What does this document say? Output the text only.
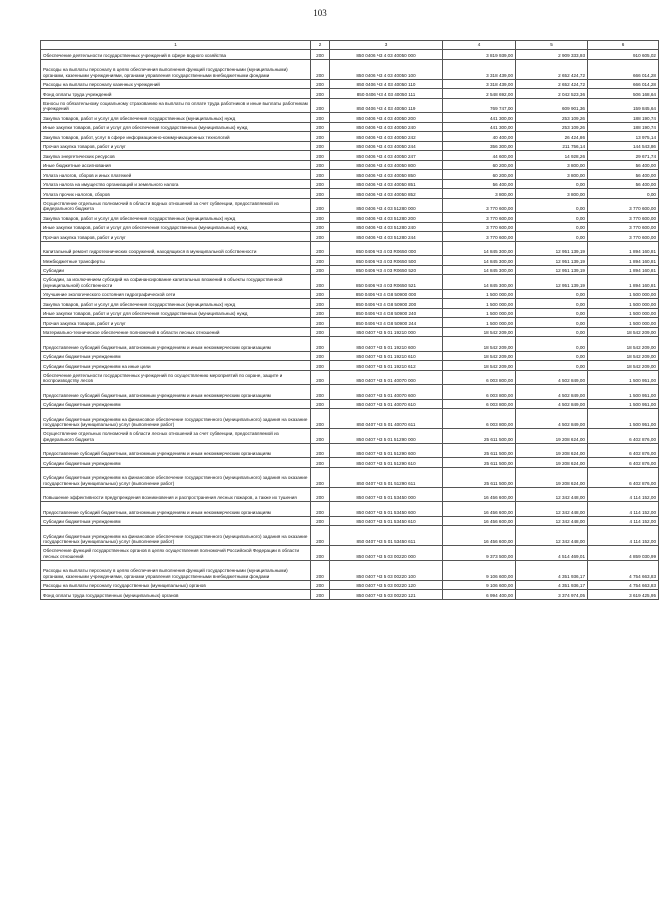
103
1	2	3	4	5	6
Обеспечение деятельности государственных учреждений в сфере водного хозяйства	200	850 0406 Ч3 4 03 40050 000	3 819 939,00	2 909 333,93	910 605,02
Расходы на выплаты персоналу в целях обеспечения выполнения функций государственными (муниципальными) органами, казенными учреждениями, органами управления государственными внебюджетными фондами	200	850 0406 Ч3 4 03 40050 100	3 318 439,00	2 652 424,72	666 014,28
Расходы на выплаты персоналу казенных учреждений	200	850 0406 Ч3 4 03 40050 110	3 318 439,00	2 652 424,72	666 014,28
Фонд оплаты труда учреждений	200	850 0406 Ч3 4 03 40050 111	2 548 692,00	2 042 523,36	506 168,64
Взносы по обязательному социальному страхованию на выплаты по оплате труда работников и иные выплаты работникам учреждений	200	850 0406 Ч3 4 03 40050 119	769 747,00	609 901,36	159 845,64
Закупка товаров, работ и услуг для обеспечения государственных (муниципальных) нужд	200	850 0406 Ч3 4 03 40050 200	441 300,00	253 109,26	188 190,74
Иные закупки товаров, работ и услуг для обеспечения государственных (муниципальных) нужд	200	850 0406 Ч3 4 03 40050 240	441 300,00	253 109,26	188 190,74
Закупка товаров, работ, услуг в сфере информационно-коммуникационных технологий	200	850 0406 Ч3 4 03 40050 242	40 400,00	26 424,86	13 975,14
Прочая закупка товаров, работ и услуг	200	850 0406 Ч3 4 03 40050 244	356 300,00	211 756,14	144 543,86
Закупка энергетических ресурсов	200	850 0406 Ч3 4 03 40050 247	44 600,00	14 928,26	29 671,74
Иные бюджетные ассигнования	200	850 0406 Ч3 4 03 40050 800	60 200,00	3 800,00	56 400,00
Уплата налогов, сборов и иных платежей	200	850 0406 Ч3 4 03 40050 850	60 200,00	3 800,00	56 400,00
Уплата налога на имущество организаций и земельного налога	200	850 0406 Ч3 4 03 40050 851	56 400,00	0,00	56 400,00
Уплата прочих налогов, сборов	200	850 0406 Ч3 4 03 40050 852	3 800,00	3 800,00	0,00
Осуществление отдельных полномочий в области водных отношений за счет субвенции, предоставляемой из федерального бюджета	200	850 0406 Ч3 4 03 51280 000	3 770 600,00	0,00	3 770 600,00
Закупка товаров, работ и услуг для обеспечения государственных (муниципальных) нужд	200	850 0406 Ч3 4 03 51280 200	3 770 600,00	0,00	3 770 600,00
Иные закупки товаров, работ и услуг для обеспечения государственных (муниципальных) нужд	200	850 0406 Ч3 4 03 51280 240	3 770 600,00	0,00	3 770 600,00
Прочая закупка товаров, работ и услуг	200	850 0406 Ч3 4 03 51280 244	3 770 600,00	0,00	3 770 600,00
Капитальный ремонт гидротехнических сооружений, находящихся в муниципальной собственности	200	850 0406 Ч3 4 03 R0650 000	14 845 300,00	12 951 139,19	1 894 160,81
Межбюджетные трансферты	200	850 0406 Ч3 4 03 R0650 500	14 845 300,00	12 951 139,19	1 894 160,81
Субсидии	200	850 0406 Ч3 4 03 R0650 520	14 845 300,00	12 951 139,19	1 894 160,81
Субсидии, за исключением субсидий на софинансирование капитальных вложений в объекты государственной (муниципальной) собственности	200	850 0406 Ч3 4 03 R0650 521	14 845 300,00	12 951 139,19	1 894 160,81
Улучшение экологического состояния гидрографической сети	200	850 0406 Ч3 4 G8 50900 000	1 500 000,00	0,00	1 500 000,00
Закупка товаров, работ и услуг для обеспечения государственных (муниципальных) нужд	200	850 0406 Ч3 4 G8 50900 200	1 500 000,00	0,00	1 500 000,00
Иные закупки товаров, работ и услуг для обеспечения государственных (муниципальных) нужд	200	850 0406 Ч3 4 G8 50900 240	1 500 000,00	0,00	1 500 000,00
Прочая закупка товаров, работ и услуг	200	850 0406 Ч3 4 G8 50900 244	1 500 000,00	0,00	1 500 000,00
Материально-техническое обеспечение полномочий в области лесных отношений	200	850 0407 Ч3 5 01 19210 000	18 542 209,00	0,00	18 542 209,00
Предоставление субсидий бюджетным, автономным учреждениям и иным некоммерческим организациям	200	850 0407 Ч3 5 01 19210 600	18 542 209,00	0,00	18 542 209,00
Субсидии бюджетным учреждениям	200	850 0407 Ч3 5 01 19210 610	18 542 209,00	0,00	18 542 209,00
Субсидии бюджетным учреждениям на иные цели	200	850 0407 Ч3 5 01 19210 612	18 542 209,00	0,00	18 542 209,00
Обеспечение деятельности государственных учреждений по осуществлению мероприятий по охране, защите и воспроизводству лесов	200	850 0407 Ч3 5 01 40070 000	6 003 800,00	4 502 849,00	1 500 951,00
Предоставление субсидий бюджетным, автономным учреждениям и иным некоммерческим организациям	200	850 0407 Ч3 5 01 40070 600	6 003 800,00	4 502 849,00	1 500 951,00
Субсидии бюджетным учреждениям	200	850 0407 Ч3 5 01 40070 610	6 003 800,00	4 502 849,00	1 500 951,00
Субсидии бюджетным учреждениям на финансовое обеспечение государственного (муниципального) задания на оказание государственных (муниципальных) услуг (выполнение работ)	200	850 0407 Ч3 5 01 40070 611	6 003 800,00	4 502 849,00	1 500 951,00
Осуществление отдельных полномочий в области лесных отношений за счет субвенции, предоставляемой из федерального бюджета	200	850 0407 Ч3 5 01 51290 000	25 611 500,00	19 208 624,00	6 402 876,00
Предоставление субсидий бюджетным, автономным учреждениям и иным некоммерческим организациям	200	850 0407 Ч3 5 01 51290 600	25 611 500,00	19 208 624,00	6 402 876,00
Субсидии бюджетным учреждениям	200	850 0407 Ч3 5 01 51290 610	25 611 500,00	19 208 624,00	6 402 876,00
Субсидии бюджетным учреждениям на финансовое обеспечение государственного (муниципального) задания на оказание государственных (муниципальных) услуг (выполнение работ)	200	850 0407 Ч3 5 01 51290 611	25 611 500,00	19 208 624,00	6 402 876,00
Повышение эффективности предупреждения возникновения и распространения лесных пожаров, а также их тушения	200	850 0407 Ч3 5 01 53450 000	16 456 600,00	12 342 448,00	4 114 152,00
Предоставление субсидий бюджетным, автономным учреждениям и иным некоммерческим организациям	200	850 0407 Ч3 5 01 53450 600	16 456 600,00	12 342 448,00	4 114 152,00
Субсидии бюджетным учреждениям	200	850 0407 Ч3 5 01 53450 610	16 456 600,00	12 342 448,00	4 114 152,00
Субсидии бюджетным учреждениям на финансовое обеспечение государственного (муниципального) задания на оказание государственных (муниципальных) услуг (выполнение работ)	200	850 0407 Ч3 5 01 53450 611	16 456 600,00	12 342 448,00	4 114 152,00
Обеспечение функций государственных органов в целях осуществления полномочий Российской Федерации в области лесных отношений	200	850 0407 Ч3 5 03 00220 000	9 373 500,00	4 514 469,01	4 859 030,99
Расходы на выплаты персоналу в целях обеспечения выполнения функций государственными (муниципальными) органами, казенными учреждениями, органами управления государственными внебюджетными фондами	200	850 0407 Ч3 5 03 00220 100	9 106 600,00	4 351 936,17	4 754 663,83
Расходы на выплаты персоналу государственных (муниципальных) органов	200	850 0407 Ч3 5 03 00220 120	9 106 600,00	4 351 936,17	4 754 663,83
Фонд оплаты труда государственных (муниципальных) органов	200	850 0407 Ч3 5 03 00220 121	6 994 400,00	3 374 974,05	3 619 425,95
